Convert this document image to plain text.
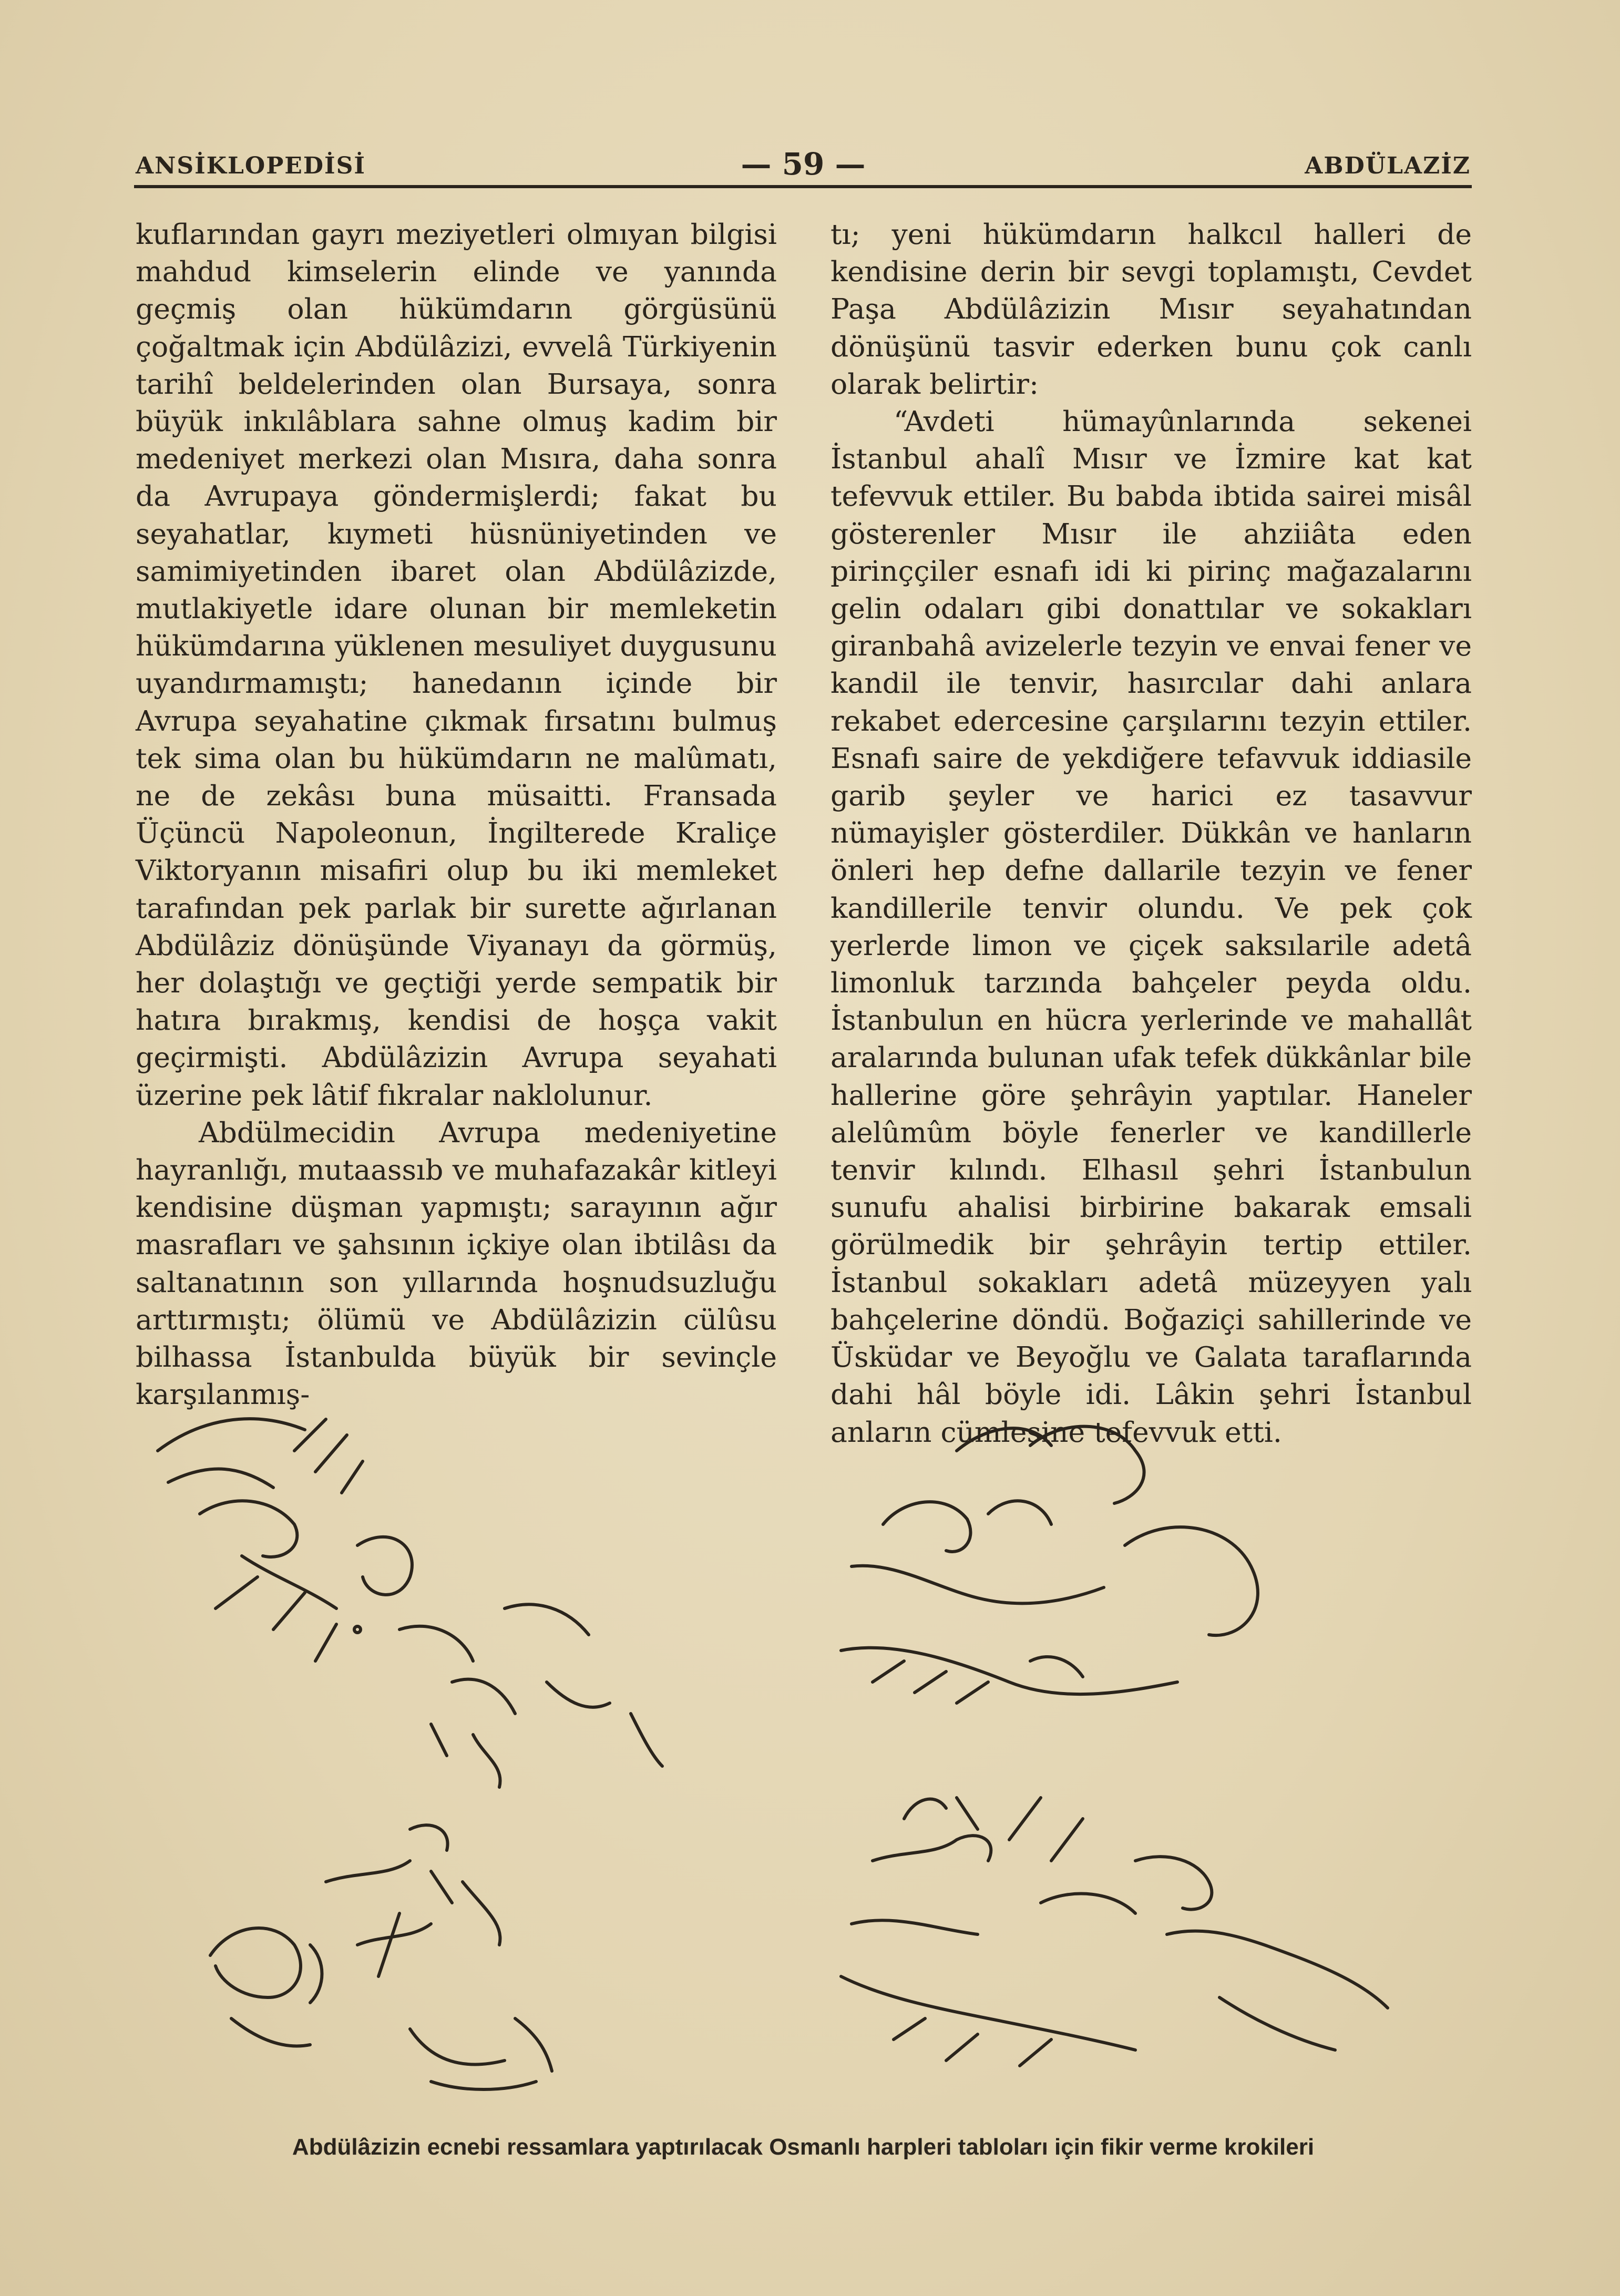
ANSİKLOPEDİSİ	— 59 —	ABDÜLAZİZ

kuflarından gayrı meziyetleri olmıyan bilgisi mahdud kimselerin elinde ve yanında geçmiş olan hükümdarın görgüsünü çoğaltmak için Abdülâzizi, evvelâ Türkiyenin tarihî beldelerinden olan Bursaya, sonra büyük inkılâblara sahne olmuş kadim bir medeniyet merkezi olan Mısıra, daha sonra da Avrupaya göndermişlerdi; fakat bu seyahatlar, kıymeti hüsnüniyetinden ve samimiyetinden ibaret olan Abdülâzizde, mutlakiyetle idare olunan bir memleketin hükümdarına yüklenen mesuliyet duygusunu uyandırmamıştı; hanedanın içinde bir Avrupa seyahatine çıkmak fırsatını bulmuş tek sima olan bu hükümdarın ne malûmatı, ne de zekâsı buna müsaitti. Fransada Üçüncü Napoleonun, İngilterede Kraliçe Viktoryanın misafiri olup bu iki memleket tarafından pek parlak bir surette ağırlanan Abdülâziz dönüşünde Viyanayı da görmüş, her dolaştığı ve geçtiği yerde sempatik bir hatıra bırakmış, kendisi de hoşça vakit geçirmişti. Abdülâzizin Avrupa seyahati üzerine pek lâtif fıkralar naklolunur.

Abdülmecidin Avrupa medeniyetine hayranlığı, mutaassıb ve muhafazakâr kitleyi kendisine düşman yapmıştı; sarayının ağır masrafları ve şahsının içkiye olan ibtilâsı da saltanatının son yıllarında hoşnudsuzluğu arttırmıştı; ölümü ve Abdülâzizin cülûsu bilhassa İstanbulda büyük bir sevinçle karşılanmış-

tı; yeni hükümdarın halkcıl halleri de kendisine derin bir sevgi toplamıştı, Cevdet Paşa Abdülâzizin Mısır seyahatından dönüşünü tasvir ederken bunu çok canlı olarak belirtir:

“Avdeti hümayûnlarında sekenei İstanbul ahalî Mısır ve İzmire kat kat tefevvuk ettiler. Bu babda ibtida sairei misâl gösterenler Mısır ile ahziiâta eden pirinççiler esnafı idi ki pirinç mağazalarını gelin odaları gibi donattılar ve sokakları giranbahâ avizelerle tezyin ve envai fener ve kandil ile tenvir, hasırcılar dahi anlara rekabet edercesine çarşılarını tezyin ettiler. Esnafı saire de yekdiğere tefavvuk iddiasile garib şeyler ve harici ez tasavvur nümayişler gösterdiler. Dükkân ve hanların önleri hep defne dallarile tezyin ve fener kandillerile tenvir olundu. Ve pek çok yerlerde limon ve çiçek saksılarile adetâ limonluk tarzında bahçeler peyda oldu. İstanbulun en hücra yerlerinde ve mahallât aralarında bulunan ufak tefek dükkânlar bile hallerine göre şehrâyin yaptılar. Haneler alelûmûm böyle fenerler ve kandillerle tenvir kılındı. Elhasıl şehri İstanbulun sunufu ahalisi birbirine bakarak emsali görülmedik bir şehrâyin tertip ettiler. İstanbul sokakları adetâ müzeyyen yalı bahçelerine döndü. Boğaziçi sahillerinde ve Üsküdar ve Beyoğlu ve Galata taraflarında dahi hâl böyle idi. Lâkin şehri İstanbul anların cümlesine tefevvuk etti.

Abdülâzizin ecnebi ressamlara yaptırılacak Osmanlı harpleri tabloları için fikir verme krokileri
